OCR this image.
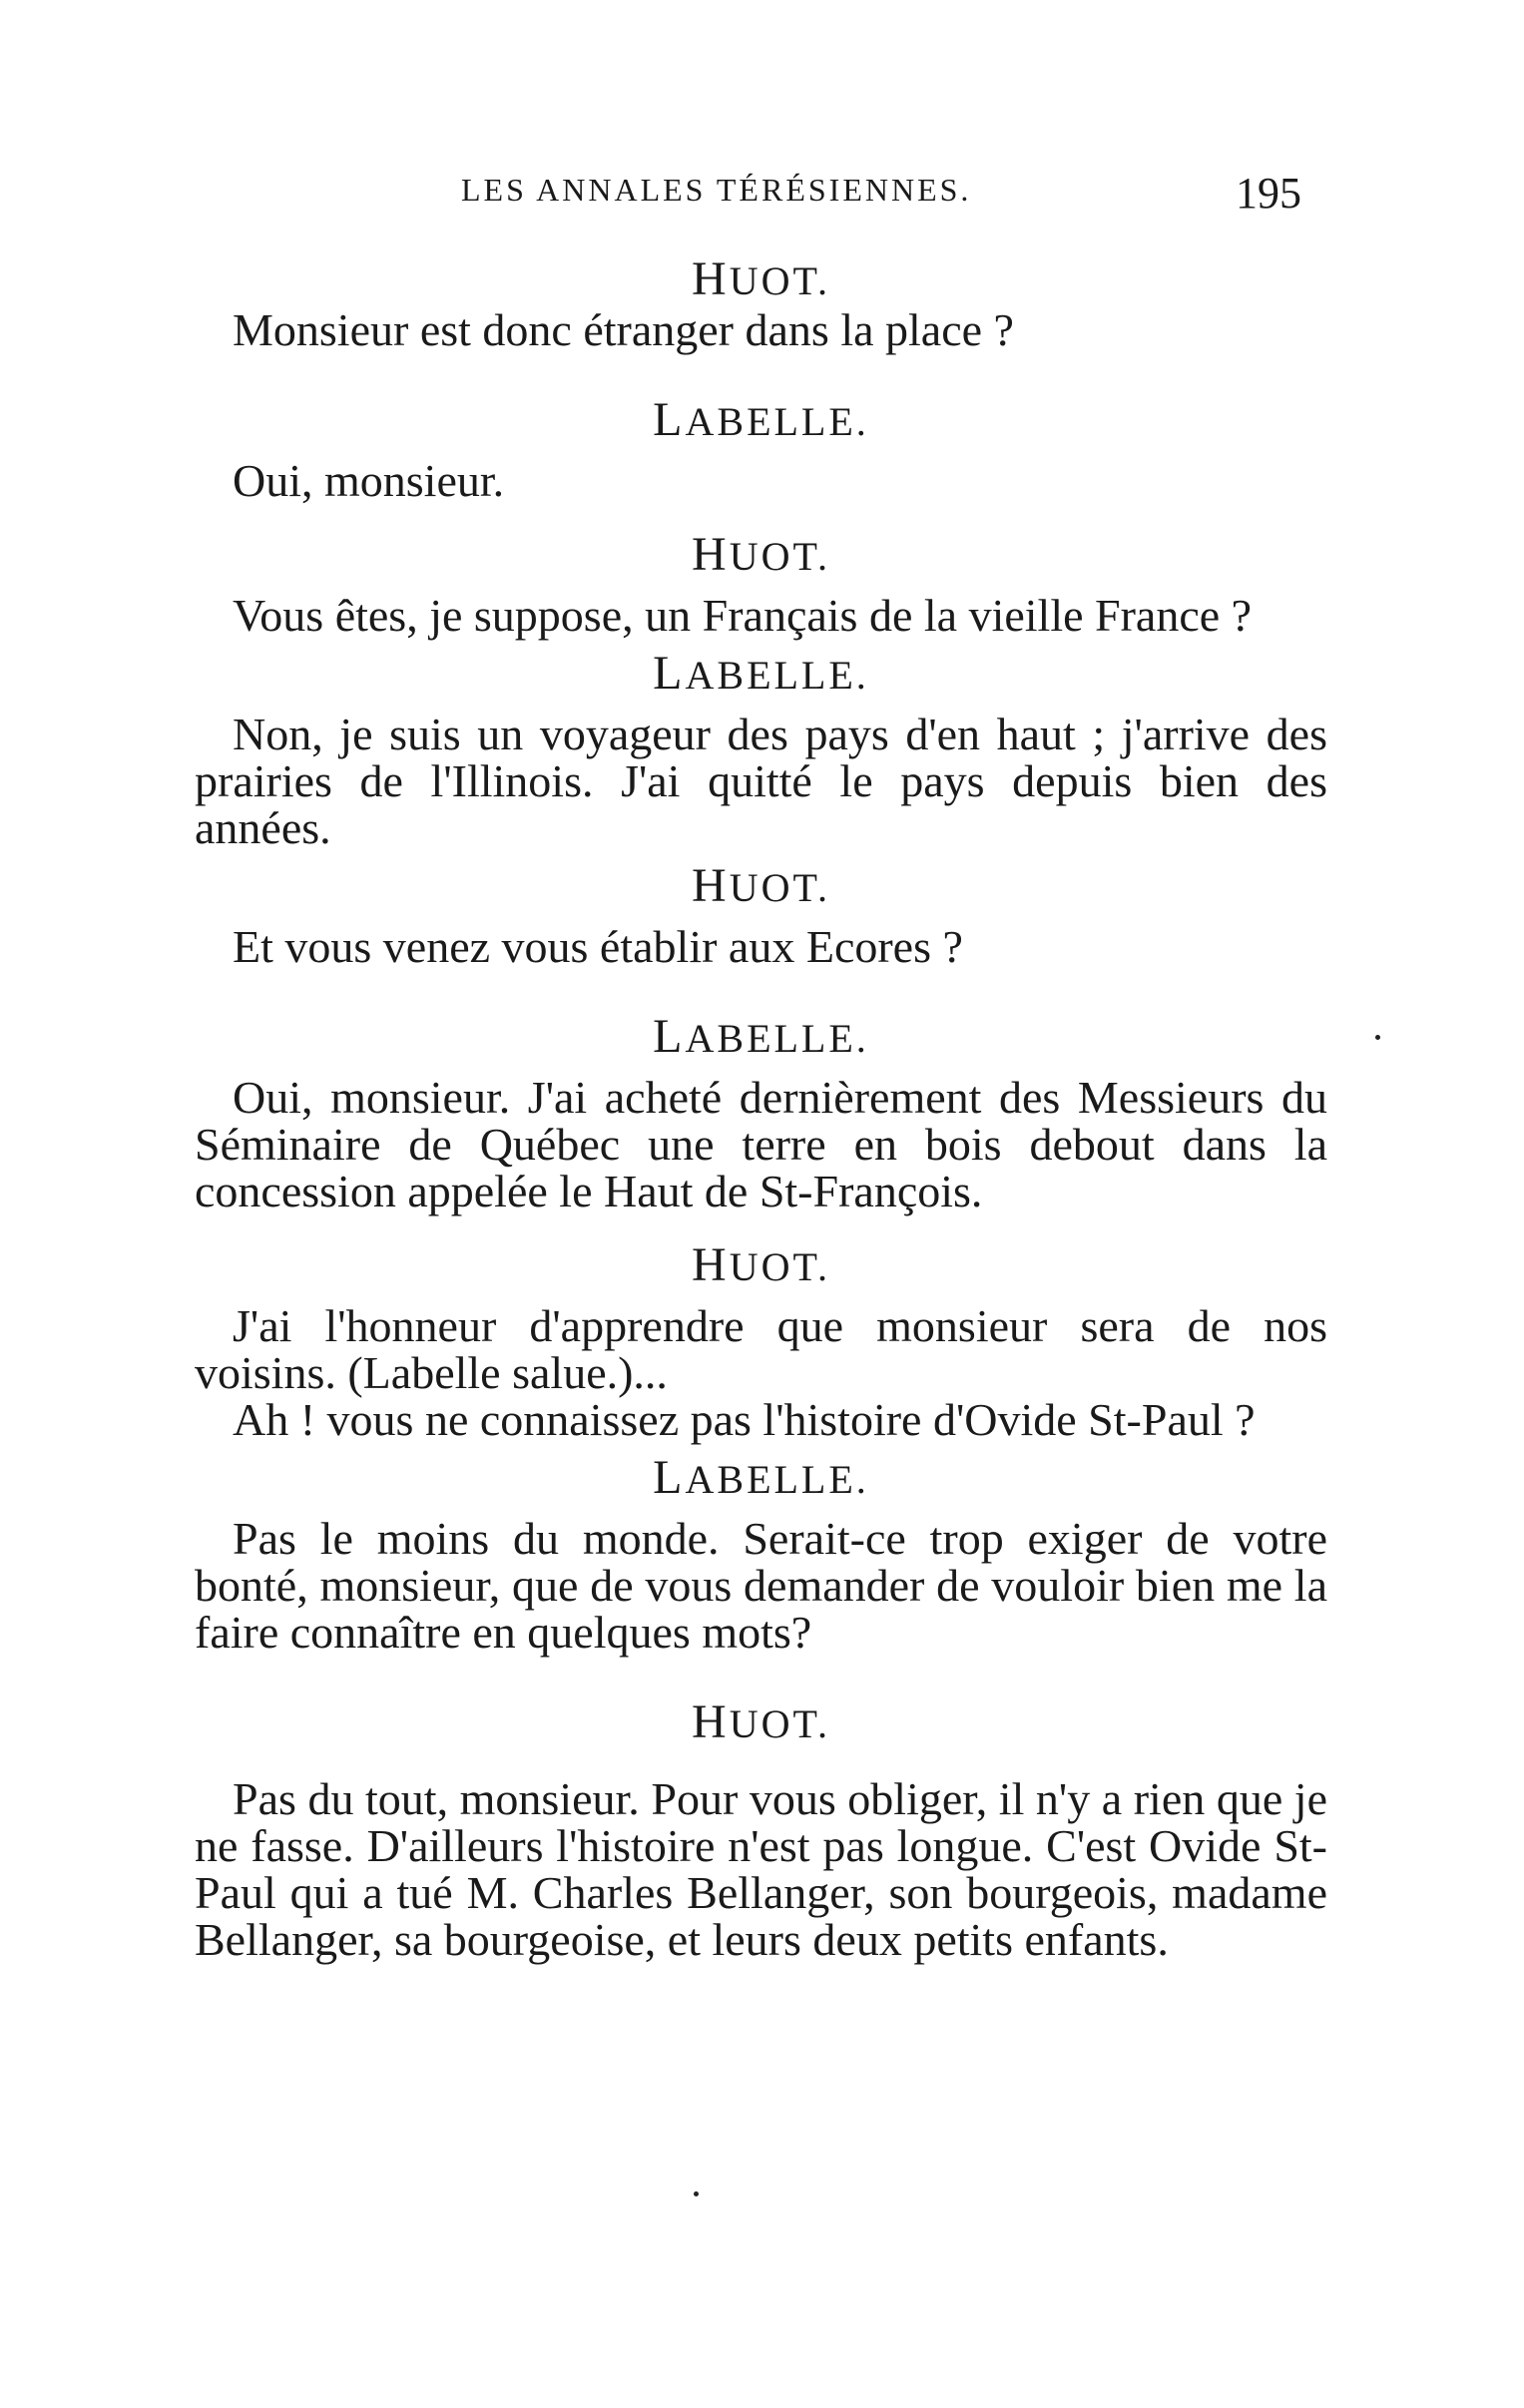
LES ANNALES TÉRÉSIENNES.	195

HUOT.

Monsieur est donc étranger dans la place ?

LABELLE.

Oui, monsieur.

HUOT.

Vous êtes, je suppose, un Français de la vieille France ?

LABELLE.

Non, je suis un voyageur des pays d'en haut ; j'arrive des prairies de l'Illinois. J'ai quitté le pays depuis bien des années.

HUOT.

Et vous venez vous établir aux Ecores ?

LABELLE.

Oui, monsieur. J'ai acheté dernièrement des Messieurs du Séminaire de Québec une terre en bois debout dans la concession appelée le Haut de St-François.

HUOT.

J'ai l'honneur d'apprendre que monsieur sera de nos voisins. (Labelle salue.)...

Ah ! vous ne connaissez pas l'histoire d'Ovide St-Paul ?

LABELLE.

Pas le moins du monde. Serait-ce trop exiger de votre bonté, monsieur, que de vous demander de vouloir bien me la faire connaître en quelques mots?

HUOT.

Pas du tout, monsieur. Pour vous obliger, il n'y a rien que je ne fasse. D'ailleurs l'histoire n'est pas longue. C'est Ovide St-Paul qui a tué M. Charles Bellanger, son bourgeois, madame Bellanger, sa bourgeoise, et leurs deux petits enfants.
